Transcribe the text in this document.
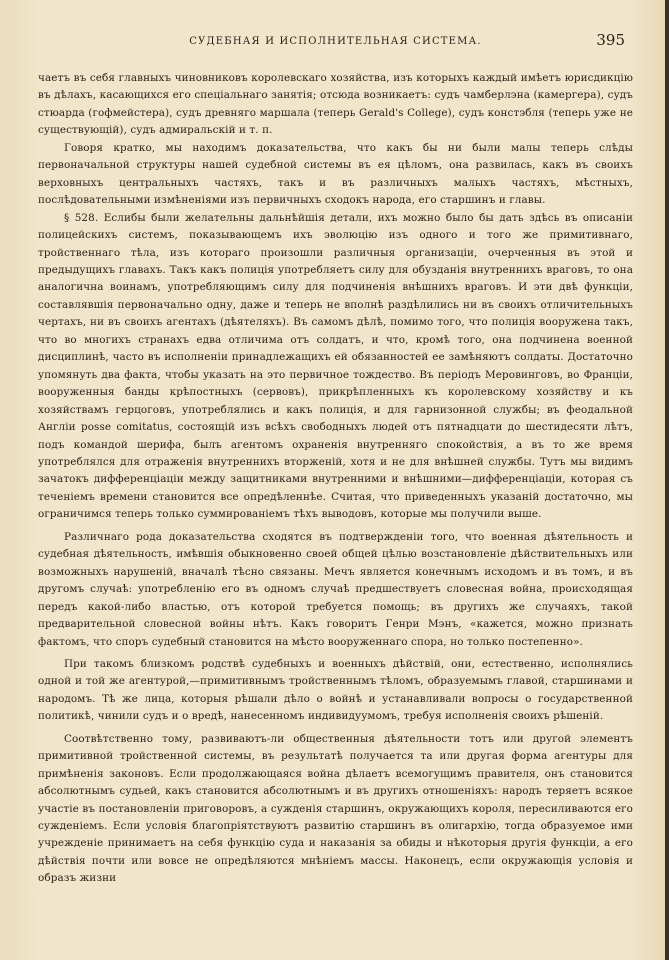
СУДЕБНАЯ И ИСПОЛНИТЕЛЬНАЯ СИСТЕМА.	395

чаетъ въ себя главныхъ чиновниковъ королевскаго хозяйства, изъ которыхъ каждый имѣетъ юрисдикцію въ дѣлахъ, касающихся его спеціальнаго занятія; отсюда возникаетъ: судъ чамберлэна (камергера), судъ стюарда (гофмейстера), судъ древняго маршала (теперь Gerald's College), судъ констэбля (теперь уже не существующій), судъ адмиральскій и т. п.

Говоря кратко, мы находимъ доказательства, что какъ бы ни были малы теперь слѣды первоначальной структуры нашей судебной системы въ ея цѣломъ, она развилась, какъ въ своихъ верховныхъ центральныхъ частяхъ, такъ и въ различныхъ малыхъ частяхъ, мѣстныхъ, послѣдовательными измѣненіями изъ первичныхъ сходокъ народа, его старшинъ и главы.

§ 528. Еслибы были желательны дальнѣйшія детали, ихъ можно было бы дать здѣсь въ описаніи полицейскихъ системъ, показывающемъ ихъ эволюцію изъ одного и того же примитивнаго, тройственнаго тѣла, изъ котораго произошли различныя организаціи, очерченныя въ этой и предыдущихъ главахъ. Такъ какъ полиція употребляетъ силу для обузданія внутреннихъ враговъ, то она аналогична воинамъ, употребляющимъ силу для подчиненія внѣшнихъ враговъ. И эти двѣ функціи, составлявшія первоначально одну, даже и теперь не вполнѣ раздѣлились ни въ своихъ отличительныхъ чертахъ, ни въ своихъ агентахъ (дѣятеляхъ). Въ самомъ дѣлѣ, помимо того, что полиція вооружена такъ, что во многихъ странахъ едва отличима отъ солдатъ, и что, кромѣ того, она подчинена военной дисциплинѣ, часто въ исполненіи принадлежащихъ ей обязанностей ее замѣняютъ солдаты. Достаточно упомянуть два факта, чтобы указать на это первичное тождество. Въ періодъ Меровинговъ, во Франціи, вооруженныя банды крѣпостныхъ (сервовъ), прикрѣпленныхъ къ королевскому хозяйству и къ хозяйствамъ герцоговъ, употреблялись и какъ полиція, и для гарнизонной службы; въ феодальной Англіи posse comitatus, состоящій изъ всѣхъ свободныхъ людей отъ пятнадцати до шестидесяти лѣтъ, подъ командой шерифа, былъ агентомъ охраненія внутренняго спокойствія, а въ то же время употреблялся для отраженія внутреннихъ вторженій, хотя и не для внѣшней службы. Тутъ мы видимъ зачатокъ дифференціаціи между защитниками внутренними и внѣшними—дифференціаціи, которая съ теченіемъ времени становится все опредѣленнѣе. Считая, что приведенныхъ указаній достаточно, мы ограничимся теперь только суммированіемъ тѣхъ выводовъ, которые мы получили выше.

Различнаго рода доказательства сходятся въ подтвержденіи того, что военная дѣятельность и судебная дѣятельность, имѣвшія обыкновенно своей общей цѣлью возстановленіе дѣйствительныхъ или возможныхъ нарушеній, вначалѣ тѣсно связаны. Мечъ является конечнымъ исходомъ и въ томъ, и въ другомъ случаѣ: употребленію его въ одномъ случаѣ предшествуетъ словесная война, происходящая передъ какой-либо властью, отъ которой требуется помощь; въ другихъ же случаяхъ, такой предварительной словесной войны нѣтъ. Какъ говоритъ Генри Мэнъ, «кажется, можно признать фактомъ, что споръ судебный становится на мѣсто вооруженнаго спора, но только постепенно».

При такомъ близкомъ родствѣ судебныхъ и военныхъ дѣйствій, они, естественно, исполнялись одной и той же агентурой,—примитивнымъ тройственнымъ тѣломъ, образуемымъ главой, старшинами и народомъ. Тѣ же лица, которыя рѣшали дѣло о войнѣ и устанавливали вопросы о государственной политикѣ, чинили судъ и о вредѣ, нанесенномъ индивидуумомъ, требуя исполненія своихъ рѣшеній.

Соотвѣтственно тому, развиваютъ-ли общественныя дѣятельности тотъ или другой элементъ примитивной тройственной системы, въ результатѣ получается та или другая форма агентуры для примѣненія законовъ. Если продолжающаяся война дѣлаетъ всемогущимъ правителя, онъ становится абсолютнымъ судьей, какъ становится абсолютнымъ и въ другихъ отношеніяхъ: народъ теряетъ всякое участіе въ постановленіи приговоровъ, а сужденія старшинъ, окружающихъ короля, пересиливаются его сужденіемъ. Если условія благопріятствуютъ развитію старшинъ въ олигархію, тогда образуемое ими учрежденіе принимаетъ на себя функцію суда и наказанія за обиды и нѣкоторыя другія функціи, а его дѣйствія почти или вовсе не опредѣляются мнѣніемъ массы. Наконецъ, если окружающія условія и образъ жизни
